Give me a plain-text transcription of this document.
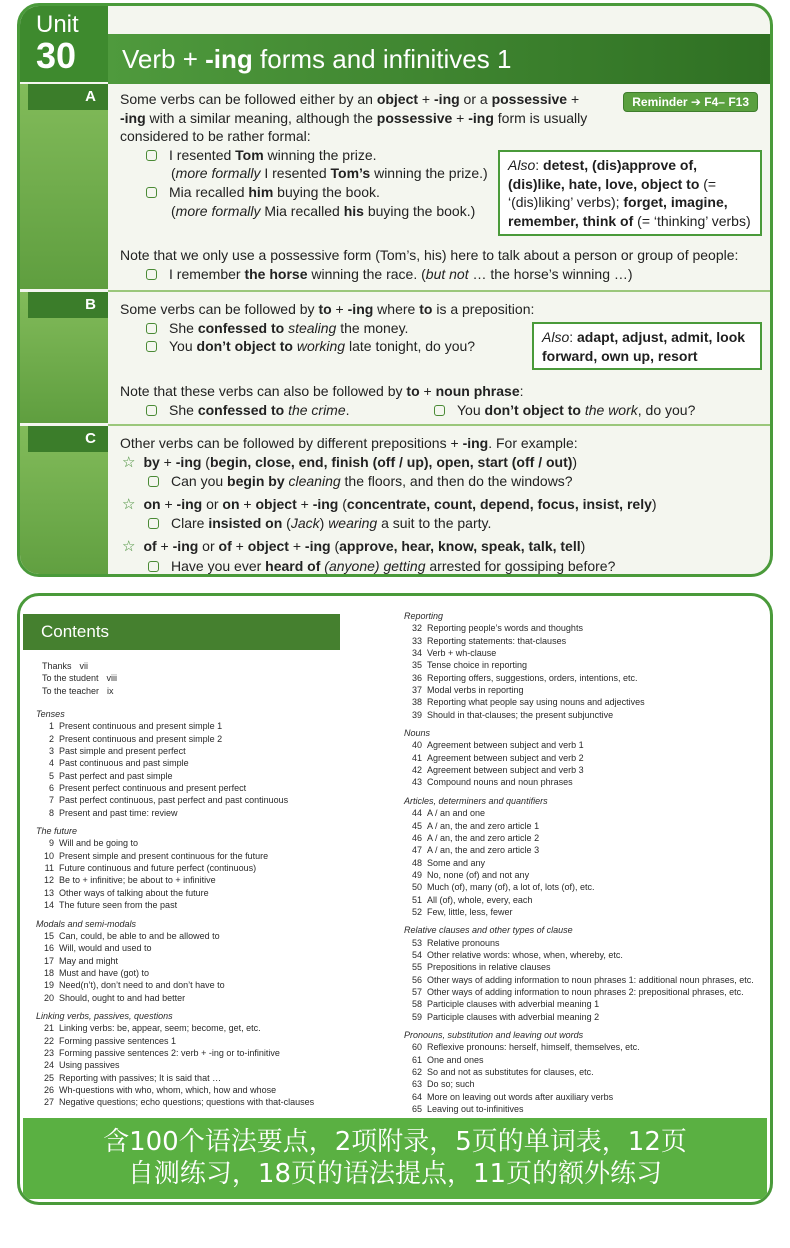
Unit
30	Verb + -ing forms and infinitives 1
Reminder ➔ F4– F13
A
B
C
Some verbs can be followed either by an object + -ing or a possessive +
-ing with a similar meaning, although the possessive + -ing form is usually
considered to be rather formal:
I resented Tom winning the prize.
(more formally I resented Tom’s winning the prize.)
Mia recalled him buying the book.
(more formally Mia recalled his buying the book.)
Also: detest, (dis)approve of, (dis)like, hate, love, object to (= ‘(dis)liking’ verbs); forget, imagine, remember, think of (= ‘thinking’ verbs)
Note that we only use a possessive form (Tom’s, his) here to talk about a person or group of people:
I remember the horse winning the race. (but not … the horse’s winning …)
Some verbs can be followed by to + -ing where to is a preposition:
She confessed to stealing the money.
You don’t object to working late tonight, do you?
Also: adapt, adjust, admit, look forward, own up, resort
Note that these verbs can also be followed by to + noun phrase:
She confessed to the crime.	You don’t object to the work, do you?
Other verbs can be followed by different prepositions + -ing. For example:
☆ by + -ing (begin, close, end, finish (off / up), open, start (off / out))
Can you begin by cleaning the floors, and then do the windows?
☆ on + -ing or on + object + -ing (concentrate, count, depend, focus, insist, rely)
Clare insisted on (Jack) wearing a suit to the party.
☆ of + -ing or of + object + -ing (approve, hear, know, speak, talk, tell)
Have you ever heard of (anyone) getting arrested for gossiping before?
Contents
Thanks vii
To the student viii
To the teacher ix
Tenses
1 Present continuous and present simple 1
2 Present continuous and present simple 2
3 Past simple and present perfect
4 Past continuous and past simple
5 Past perfect and past simple
6 Present perfect continuous and present perfect
7 Past perfect continuous, past perfect and past continuous
8 Present and past time: review
The future
9 Will and be going to
10 Present simple and present continuous for the future
11 Future continuous and future perfect (continuous)
12 Be to + infinitive; be about to + infinitive
13 Other ways of talking about the future
14 The future seen from the past
Modals and semi-modals
15 Can, could, be able to and be allowed to
16 Will, would and used to
17 May and might
18 Must and have (got) to
19 Need(n’t), don’t need to and don’t have to
20 Should, ought to and had better
Linking verbs, passives, questions
21 Linking verbs: be, appear, seem; become, get, etc.
22 Forming passive sentences 1
23 Forming passive sentences 2: verb + -ing or to-infinitive
24 Using passives
25 Reporting with passives; It is said that …
26 Wh-questions with who, whom, which, how and whose
27 Negative questions; echo questions; questions with that-clauses
Reporting
32 Reporting people’s words and thoughts
33 Reporting statements: that-clauses
34 Verb + wh-clause
35 Tense choice in reporting
36 Reporting offers, suggestions, orders, intentions, etc.
37 Modal verbs in reporting
38 Reporting what people say using nouns and adjectives
39 Should in that-clauses; the present subjunctive
Nouns
40 Agreement between subject and verb 1
41 Agreement between subject and verb 2
42 Agreement between subject and verb 3
43 Compound nouns and noun phrases
Articles, determiners and quantifiers
44 A / an and one
45 A / an, the and zero article 1
46 A / an, the and zero article 2
47 A / an, the and zero article 3
48 Some and any
49 No, none (of) and not any
50 Much (of), many (of), a lot of, lots (of), etc.
51 All (of), whole, every, each
52 Few, little, less, fewer
Relative clauses and other types of clause
53 Relative pronouns
54 Other relative words: whose, when, whereby, etc.
55 Prepositions in relative clauses
56 Other ways of adding information to noun phrases 1: additional noun phrases, etc.
57 Other ways of adding information to noun phrases 2: prepositional phrases, etc.
58 Participle clauses with adverbial meaning 1
59 Participle clauses with adverbial meaning 2
Pronouns, substitution and leaving out words
60 Reflexive pronouns: herself, himself, themselves, etc.
61 One and ones
62 So and not as substitutes for clauses, etc.
63 Do so; such
64 More on leaving out words after auxiliary verbs
65 Leaving out to-infinitives
含100个语法要点，2项附录，5页的单词表，12页
自测练习，18页的语法提点，11页的额外练习
